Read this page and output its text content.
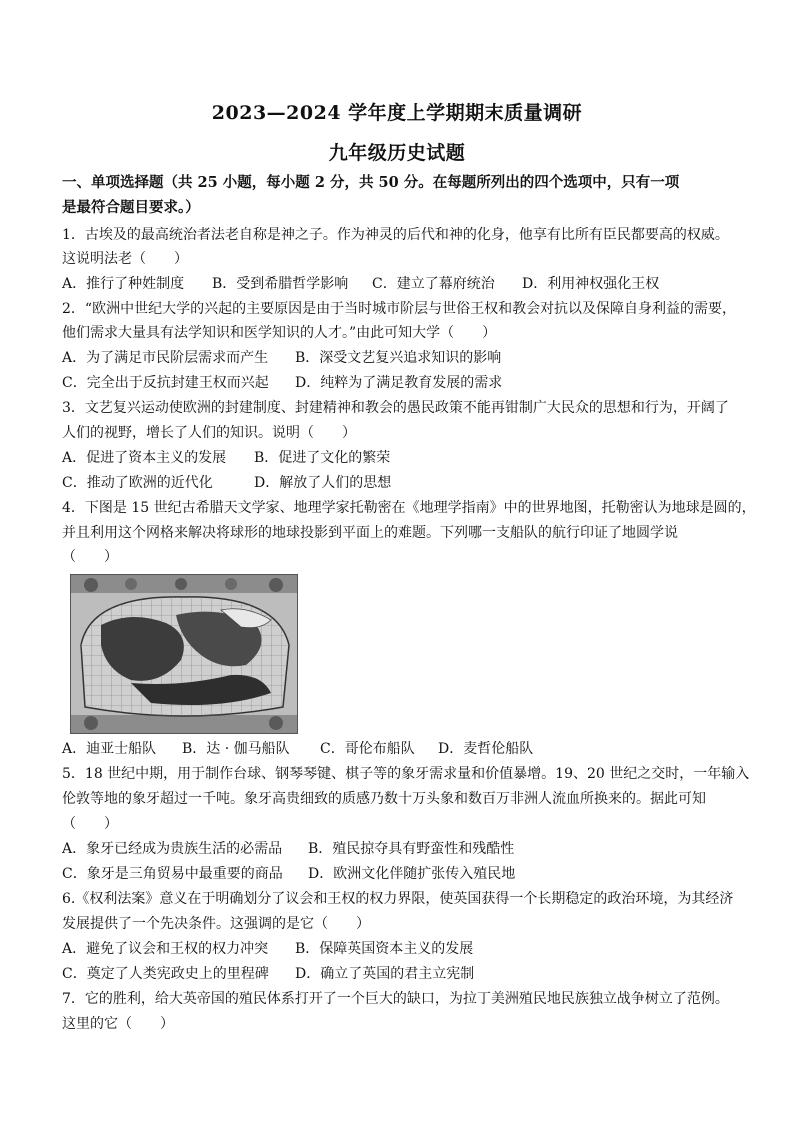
2023—2024 学年度上学期期末质量调研
九年级历史试题
一、单项选择题（共 25 小题，每小题 2 分，共 50 分。在每题所列出的四个选项中，只有一项
是最符合题目要求。）
1．古埃及的最高统治者法老自称是神之子。作为神灵的后代和神的化身，他享有比所有臣民都要高的权威。
这说明法老（　　）
A．推行了种姓制度 B．受到希腊哲学影响 C．建立了幕府统治 D．利用神权强化王权
2．“欧洲中世纪大学的兴起的主要原因是由于当时城市阶层与世俗王权和教会对抗以及保障自身利益的需要，
他们需求大量具有法学知识和医学知识的人才。”由此可知大学（　　）
A．为了满足市民阶层需求而产生 B．深受文艺复兴追求知识的影响
C．完全出于反抗封建王权而兴起 D．纯粹为了满足教育发展的需求
3．文艺复兴运动使欧洲的封建制度、封建精神和教会的愚民政策不能再钳制广大民众的思想和行为，开阔了
人们的视野，增长了人们的知识。说明（　　）
A．促进了资本主义的发展 B．促进了文化的繁荣
C．推动了欧洲的近代化	D．解放了人们的思想
4．下图是 15 世纪古希腊天文学家、地理学家托勒密在《地理学指南》中的世界地图，托勒密认为地球是圆的，
并且利用这个网格来解决将球形的地球投影到平面上的难题。下列哪一支船队的航行印证了地圆学说
（　　）
A．迪亚士船队 B．达 · 伽马船队 C．哥伦布船队 D．麦哲伦船队
5．18 世纪中期，用于制作台球、钢琴琴键、棋子等的象牙需求量和价值暴增。19、20 世纪之交时，一年输入
伦敦等地的象牙超过一千吨。象牙高贵细致的质感乃数十万头象和数百万非洲人流血所换来的。据此可知
（　　）
A．象牙已经成为贵族生活的必需品 B．殖民掠夺具有野蛮性和残酷性
C．象牙是三角贸易中最重要的商品 D．欧洲文化伴随扩张传入殖民地
6.《权利法案》意义在于明确划分了议会和王权的权力界限，使英国获得一个长期稳定的政治环境，为其经济
发展提供了一个先决条件。这强调的是它（　　）
A．避免了议会和王权的权力冲突 B．保障英国资本主义的发展
C．奠定了人类宪政史上的里程碑 D．确立了英国的君主立宪制
7．它的胜利，给大英帝国的殖民体系打开了一个巨大的缺口，为拉丁美洲殖民地民族独立战争树立了范例。
这里的它（　　）
